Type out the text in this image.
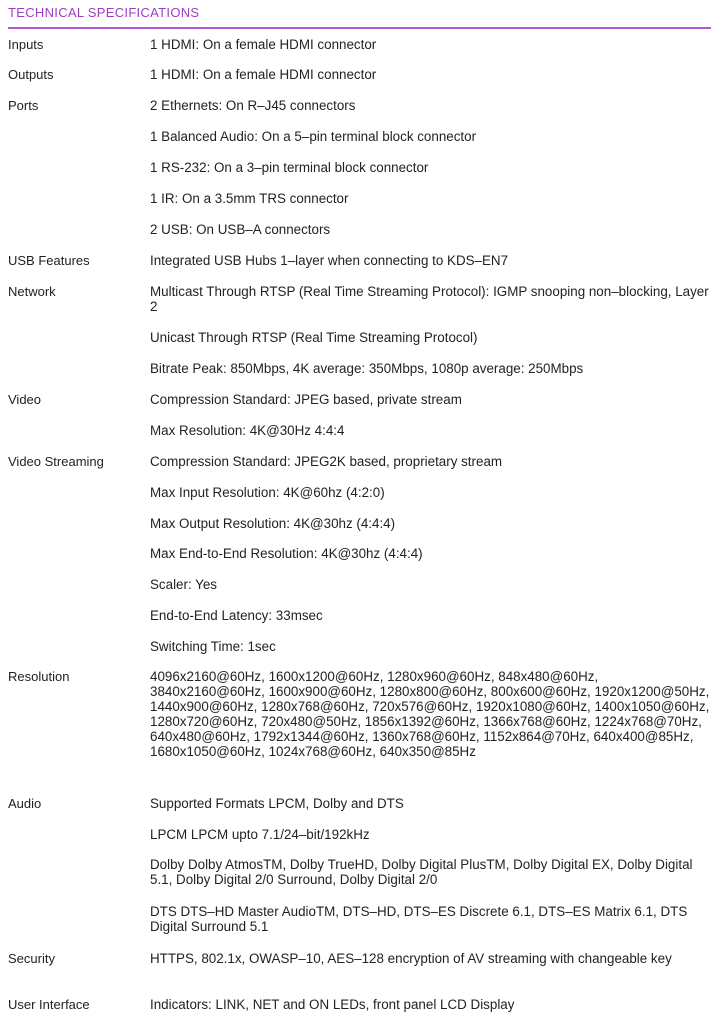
TECHNICAL SPECIFICATIONS
Inputs	1 HDMI: On a female HDMI connector
Outputs	1 HDMI: On a female HDMI connector
Ports	2 Ethernets: On R–J45 connectors
1 Balanced Audio: On a 5–pin terminal block connector
1 RS-232: On a 3–pin terminal block connector
1 IR: On a 3.5mm TRS connector
2 USB: On USB–A connectors
USB Features	Integrated USB Hubs 1–layer when connecting to KDS–EN7
Network	Multicast Through RTSP (Real Time Streaming Protocol): IGMP snooping non–blocking, Layer 2
Unicast Through RTSP (Real Time Streaming Protocol)
Bitrate Peak: 850Mbps, 4K average: 350Mbps, 1080p average: 250Mbps
Video	Compression Standard: JPEG based, private stream
Max Resolution: 4K@30Hz 4:4:4
Video Streaming	Compression Standard: JPEG2K based, proprietary stream
Max Input Resolution: 4K@60hz (4:2:0)
Max Output Resolution: 4K@30hz (4:4:4)
Max End-to-End Resolution: 4K@30hz (4:4:4)
Scaler: Yes
End-to-End Latency: 33msec
Switching Time: 1sec
Resolution	4096x2160@60Hz, 1600x1200@60Hz, 1280x960@60Hz, 848x480@60Hz, 3840x2160@60Hz, 1600x900@60Hz, 1280x800@60Hz, 800x600@60Hz, 1920x1200@50Hz, 1440x900@60Hz, 1280x768@60Hz, 720x576@60Hz, 1920x1080@60Hz, 1400x1050@60Hz, 1280x720@60Hz, 720x480@50Hz, 1856x1392@60Hz, 1366x768@60Hz, 1224x768@70Hz, 640x480@60Hz, 1792x1344@60Hz, 1360x768@60Hz, 1152x864@70Hz, 640x400@85Hz, 1680x1050@60Hz, 1024x768@60Hz, 640x350@85Hz
Audio	Supported Formats LPCM, Dolby and DTS
LPCM LPCM upto 7.1/24–bit/192kHz
Dolby Dolby AtmosTM, Dolby TrueHD, Dolby Digital PlusTM, Dolby Digital EX, Dolby Digital 5.1, Dolby Digital 2/0 Surround, Dolby Digital 2/0
DTS DTS–HD Master AudioTM, DTS–HD, DTS–ES Discrete 6.1, DTS–ES Matrix 6.1, DTS Digital Surround 5.1
Security	HTTPS, 802.1x, OWASP–10, AES–128 encryption of AV streaming with changeable key
User Interface	Indicators: LINK, NET and ON LEDs, front panel LCD Display
